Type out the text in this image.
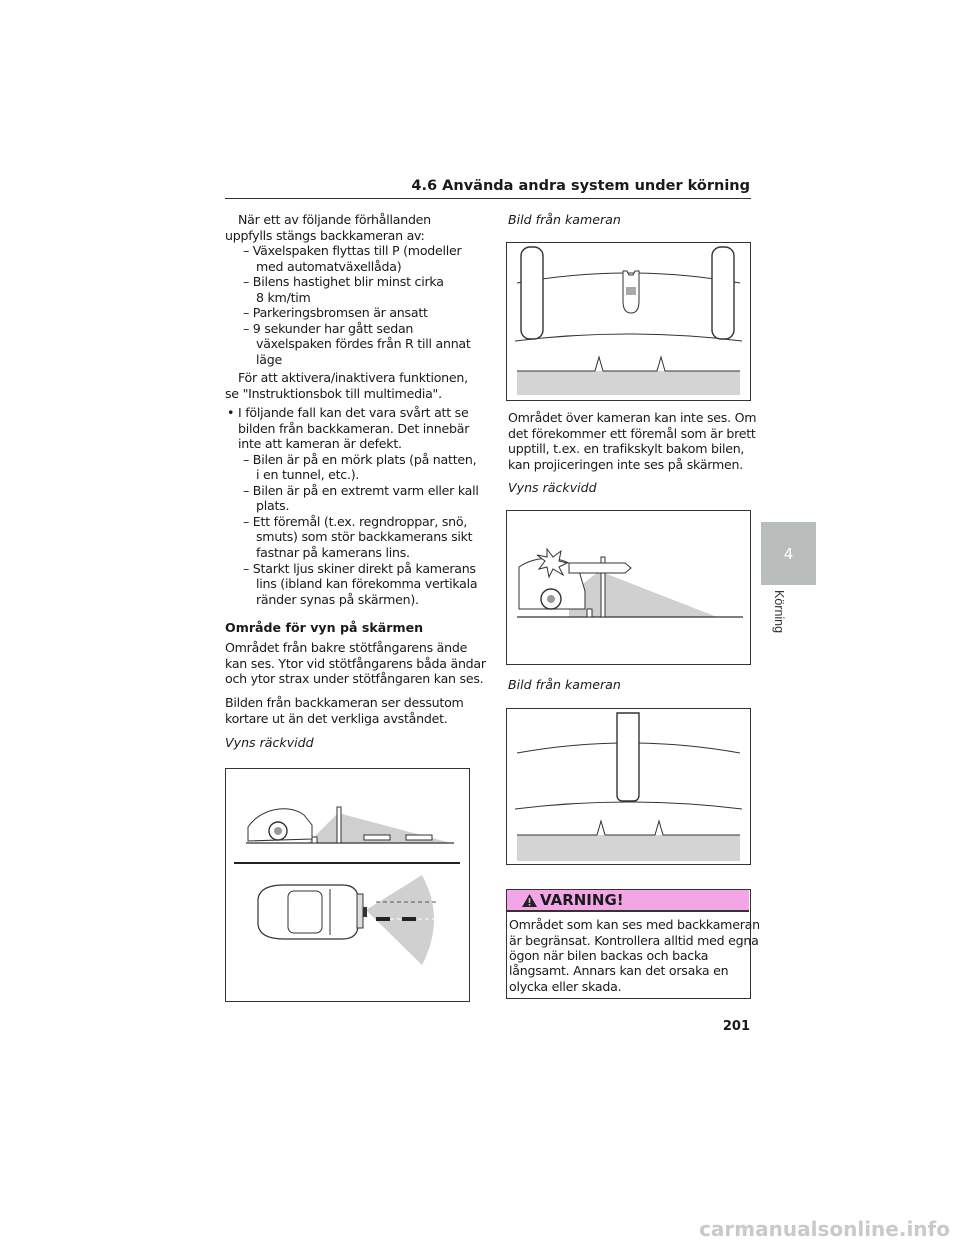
4.6 Använda andra system under körning
När ett av följande förhållanden
uppfylls stängs backkameran av:
– Växelspaken flyttas till P (modeller
med automatväxellåda)
– Bilens hastighet blir minst cirka
8 km/tim
– Parkeringsbromsen är ansatt
– 9 sekunder har gått sedan
växelspaken fördes från R till annat
läge
För att aktivera/inaktivera funktionen,
se "Instruktionsbok till multimedia".
• I följande fall kan det vara svårt att se
bilden från backkameran. Det innebär
inte att kameran är defekt.
– Bilen är på en mörk plats (på natten,
i en tunnel, etc.).
– Bilen är på en extremt varm eller kall
plats.
– Ett föremål (t.ex. regndroppar, snö,
smuts) som stör backkamerans sikt
fastnar på kamerans lins.
– Starkt ljus skiner direkt på kamerans
lins (ibland kan förekomma vertikala
ränder synas på skärmen).
Område för vyn på skärmen
Området från bakre stötfångarens ände
kan ses. Ytor vid stötfångarens båda ändar
och ytor strax under stötfångaren kan ses.
Bilden från backkameran ser dessutom
kortare ut än det verkliga avståndet.
Vyns räckvidd
Bild från kameran
Området över kameran kan inte ses. Om
det förekommer ett föremål som är brett
upptill, t.ex. en trafikskylt bakom bilen,
kan projiceringen inte ses på skärmen.
Vyns räckvidd
Bild från kameran
VARNING!
Området som kan ses med backkameran
är begränsat. Kontrollera alltid med egna
ögon när bilen backas och backa
långsamt. Annars kan det orsaka en
olycka eller skada.
4
Körning
201
carmanualsonline.info
